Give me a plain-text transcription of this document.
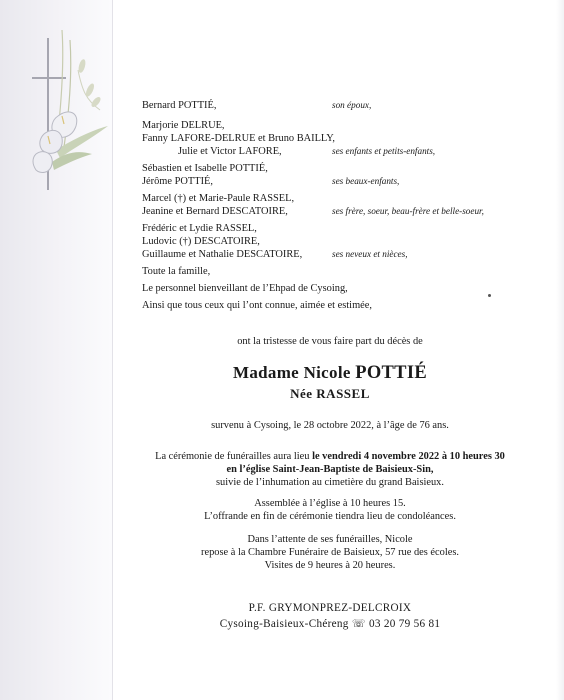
Bernard POTTIÉ,	son époux,
Marjorie DELRUE,
Fanny LAFORE-DELRUE et Bruno BAILLY,
Julie et Victor LAFORE,	ses enfants et petits-enfants,
Sébastien et Isabelle POTTIÉ,
Jérôme POTTIÉ,	ses beaux-enfants,
Marcel (†) et Marie-Paule RASSEL,
Jeanine et Bernard DESCATOIRE,	ses frère, soeur, beau-frère et belle-soeur,
Frédéric et Lydie RASSEL,
Ludovic (†) DESCATOIRE,
Guillaume et Nathalie DESCATOIRE,	ses neveux et nièces,
Toute la famille,
Le personnel bienveillant de l’Ehpad de Cysoing,
Ainsi que tous ceux qui l’ont connue, aimée et estimée,
ont la tristesse de vous faire part du décès de
Madame Nicole POTTIÉ
Née RASSEL
survenu à Cysoing, le 28 octobre 2022, à l’âge de 76 ans.
La cérémonie de funérailles aura lieu le vendredi 4 novembre 2022 à 10 heures 30
en l’église Saint-Jean-Baptiste de Baisieux-Sin,
suivie de l’inhumation au cimetière du grand Baisieux.
Assemblée à l’église à 10 heures 15.
L’offrande en fin de cérémonie tiendra lieu de condoléances.
Dans l’attente de ses funérailles, Nicole
repose à la Chambre Funéraire de Baisieux, 57 rue des écoles.
Visites de 9 heures à 20 heures.
P.F. GRYMONPREZ-DELCROIX
Cysoing-Baisieux-Chéreng ☏ 03 20 79 56 81
